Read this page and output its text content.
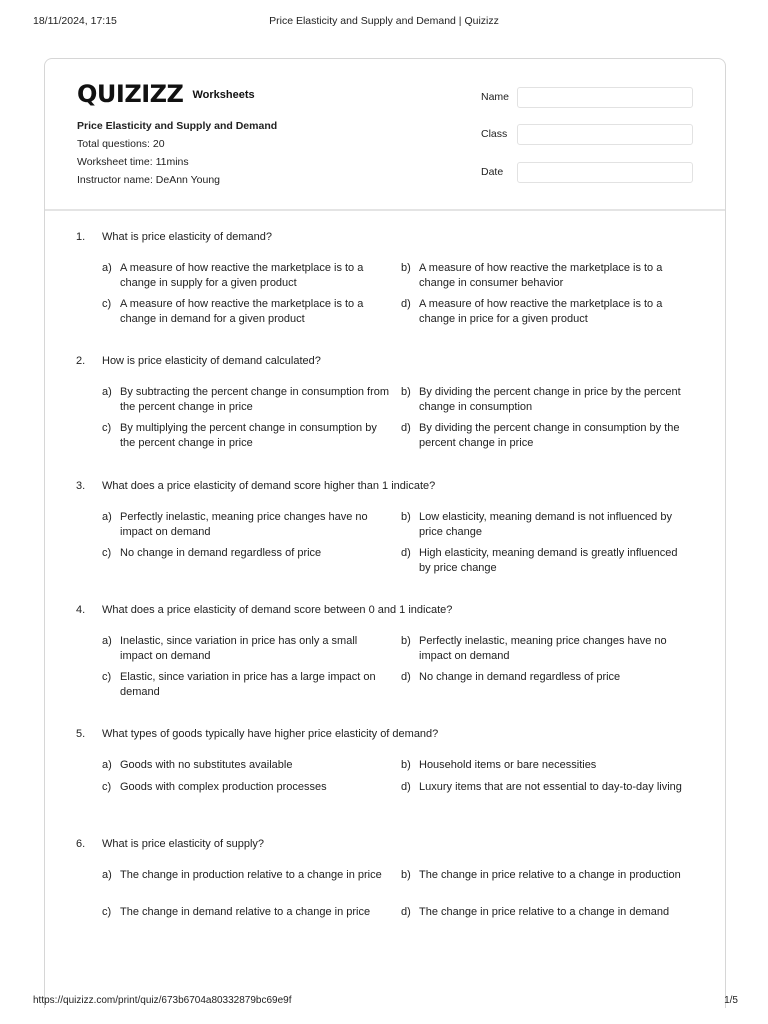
18/11/2024, 17:15	Price Elasticity and Supply and Demand | Quizizz
QUIZIZZ Worksheets
Price Elasticity and Supply and Demand
Total questions: 20
Worksheet time: 11mins
Instructor name: DeAnn Young
Name
Class
Date
1. What is price elasticity of demand?
a) A measure of how reactive the marketplace is to a change in supply for a given product
b) A measure of how reactive the marketplace is to a change in consumer behavior
c) A measure of how reactive the marketplace is to a change in demand for a given product
d) A measure of how reactive the marketplace is to a change in price for a given product
2. How is price elasticity of demand calculated?
a) By subtracting the percent change in consumption from the percent change in price
b) By dividing the percent change in price by the percent change in consumption
c) By multiplying the percent change in consumption by the percent change in price
d) By dividing the percent change in consumption by the percent change in price
3. What does a price elasticity of demand score higher than 1 indicate?
a) Perfectly inelastic, meaning price changes have no impact on demand
b) Low elasticity, meaning demand is not influenced by price change
c) No change in demand regardless of price	d) High elasticity, meaning demand is greatly influenced by price change
4. What does a price elasticity of demand score between 0 and 1 indicate?
a) Inelastic, since variation in price has only a small impact on demand
b) Perfectly inelastic, meaning price changes have no impact on demand
c) Elastic, since variation in price has a large impact on demand
d) No change in demand regardless of price
5. What types of goods typically have higher price elasticity of demand?
a) Goods with no substitutes available	b) Household items or bare necessities
c) Goods with complex production processes	d) Luxury items that are not essential to day-to-day living
6. What is price elasticity of supply?
a) The change in production relative to a change in price	b) The change in price relative to a change in production
c) The change in demand relative to a change in price	d) The change in price relative to a change in demand
https://quizizz.com/print/quiz/673b6704a80332879bc69e9f	1/5
